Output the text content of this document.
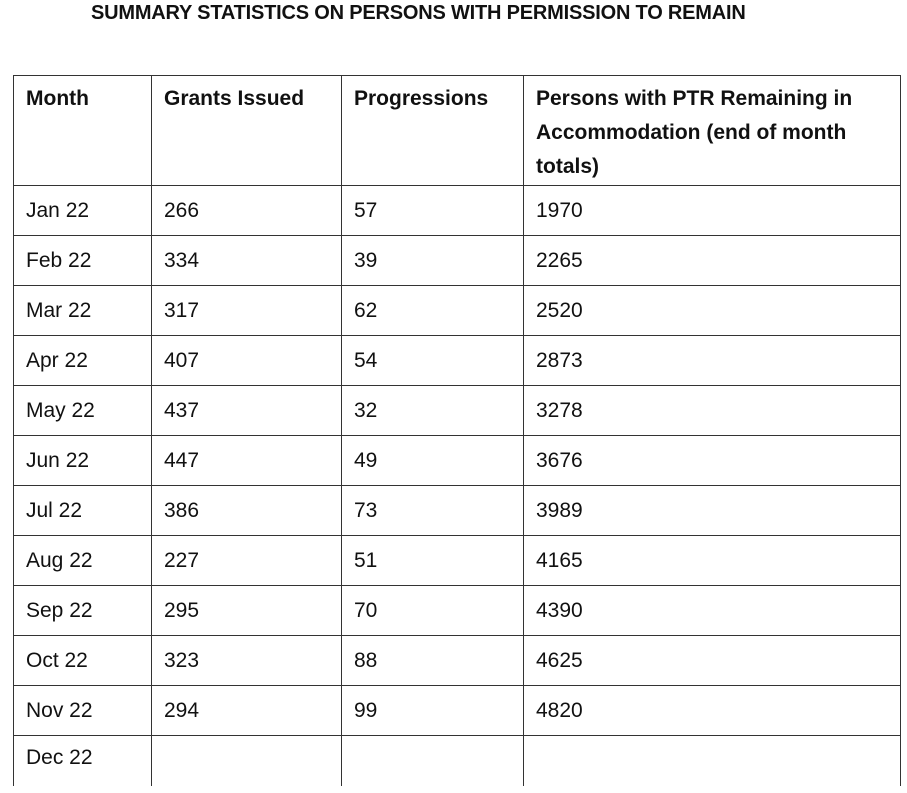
SUMMARY STATISTICS ON PERSONS WITH PERMISSION TO REMAIN
Month	Grants Issued	Progressions	Persons with PTR Remaining in Accommodation (end of month totals)
Jan 22	266	57	1970
Feb 22	334	39	2265
Mar 22	317	62	2520
Apr 22	407	54	2873
May 22	437	32	3278
Jun 22	447	49	3676
Jul 22	386	73	3989
Aug 22	227	51	4165
Sep 22	295	70	4390
Oct 22	323	88	4625
Nov 22	294	99	4820
Dec 22			
